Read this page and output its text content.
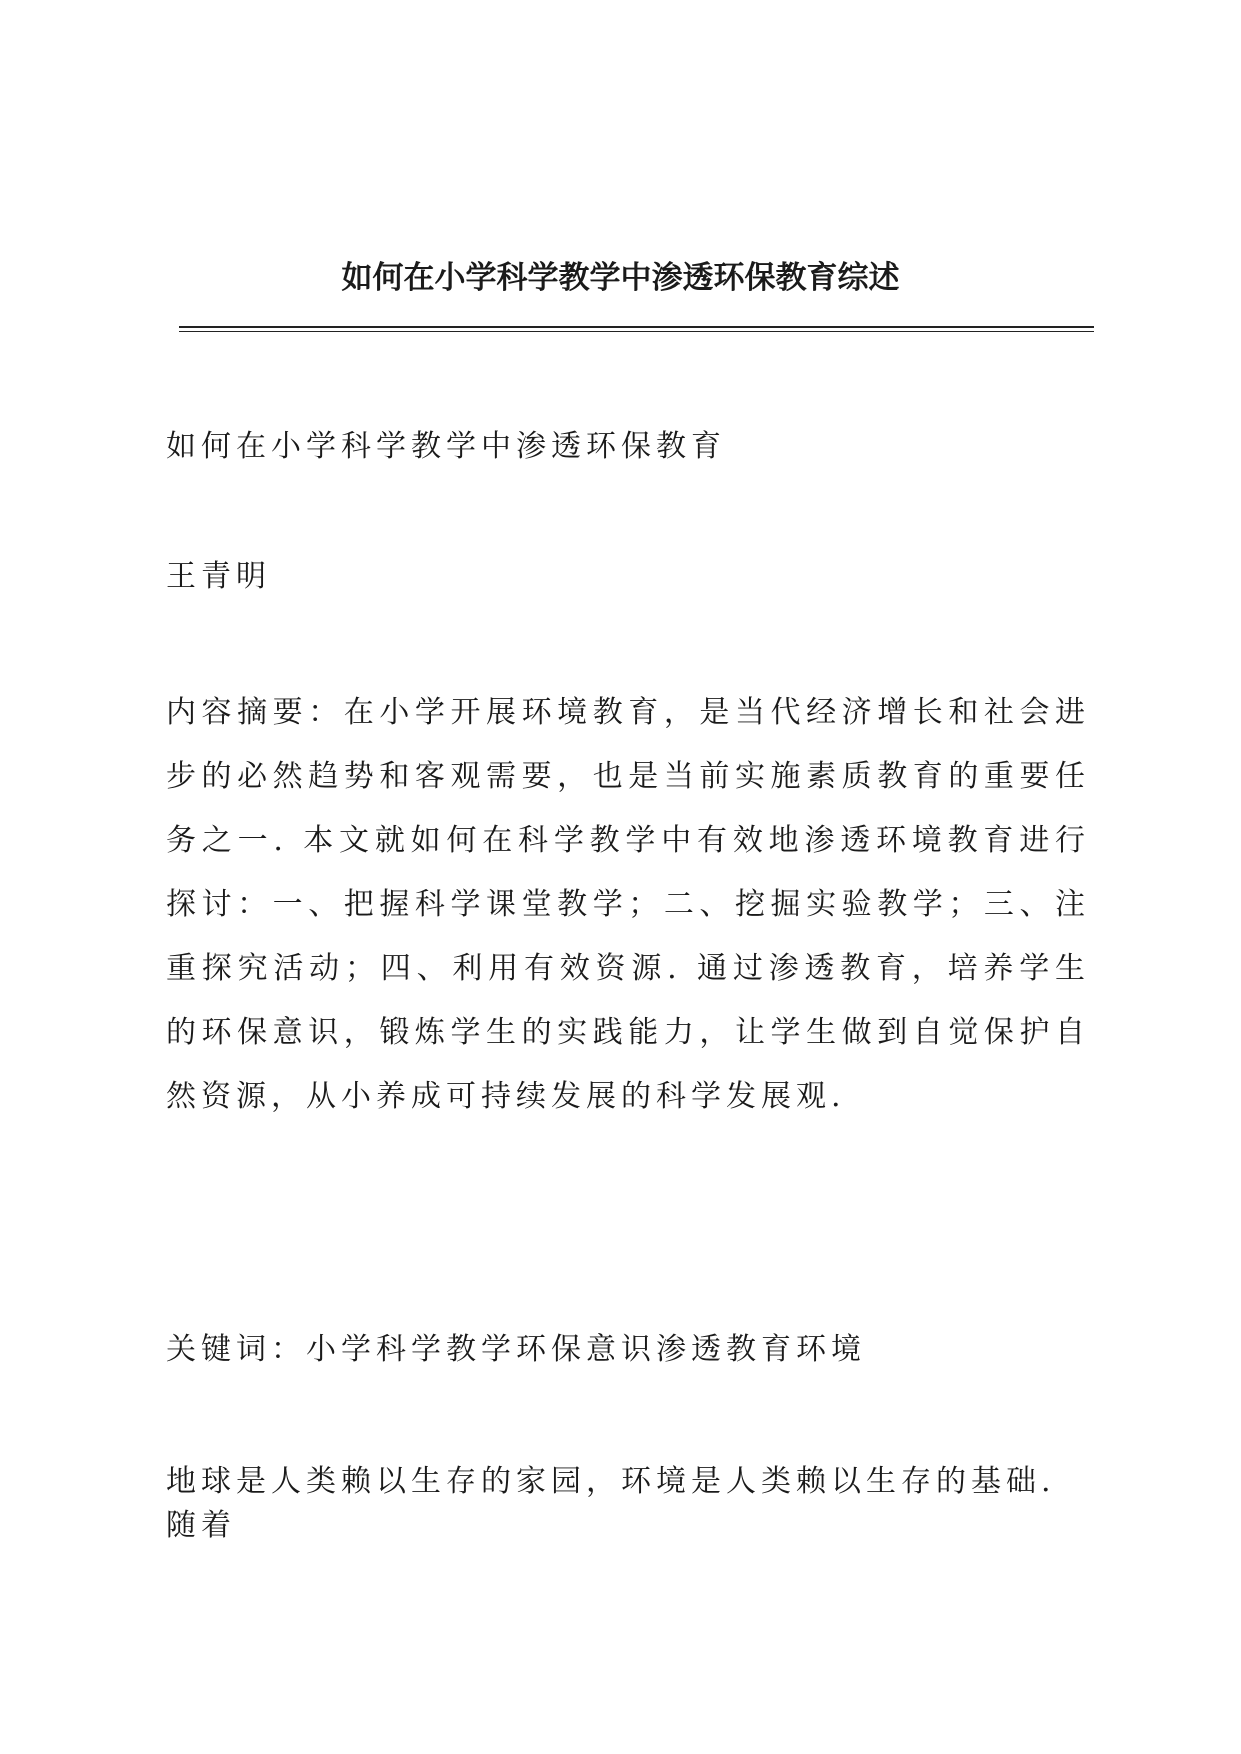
如何在小学科学教学中渗透环保教育综述

如何在小学科学教学中渗透环保教育

王青明

内容摘要：在小学开展环境教育，是当代经济增长和社会进步的必然趋势和客观需要，也是当前实施素质教育的重要任务之一. 本文就如何在科学教学中有效地渗透环境教育进行探讨：一、把握科学课堂教学；二、挖掘实验教学；三、注重探究活动；四、利用有效资源. 通过渗透教育，培养学生的环保意识，锻炼学生的实践能力，让学生做到自觉保护自然资源，从小养成可持续发展的科学发展观.

关键词：小学科学教学环保意识渗透教育环境

地球是人类赖以生存的家园，环境是人类赖以生存的基础. 随着
